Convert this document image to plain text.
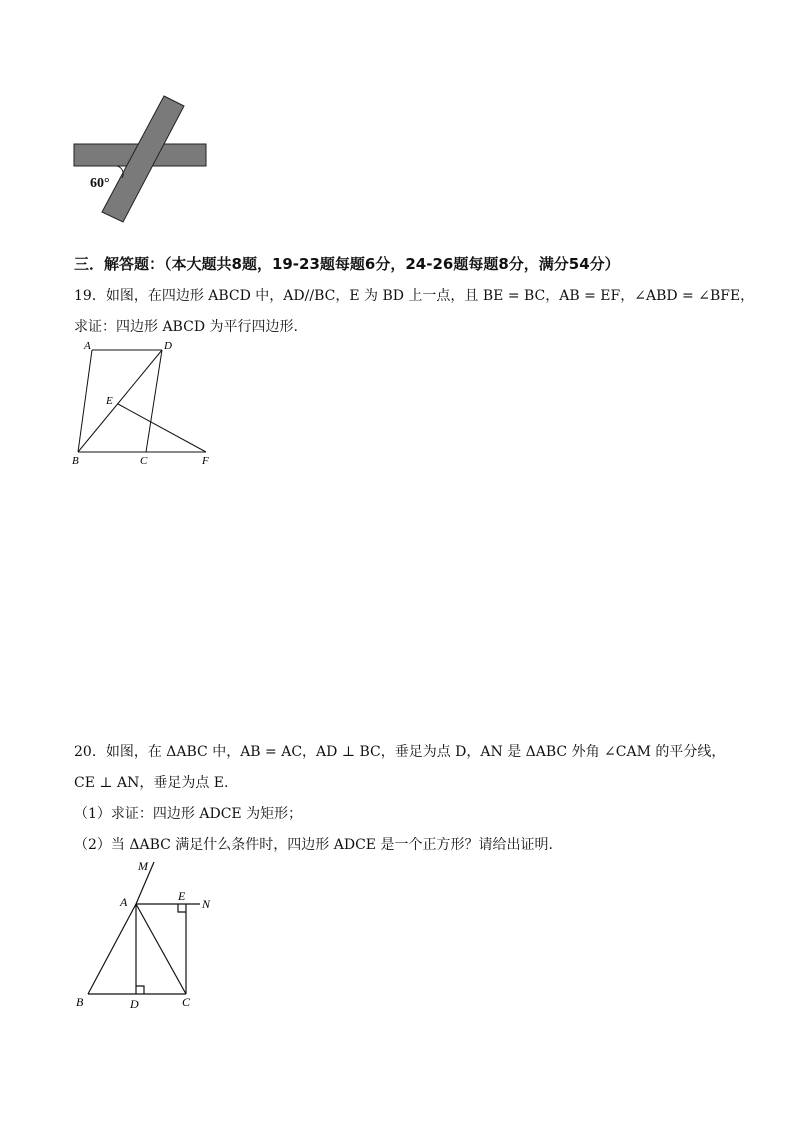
60°
三．解答题：（本大题共8题，19-23题每题6分，24-26题每题8分，满分54分）
19．如图，在四边形 ABCD 中，AD//BC，E 为 BD 上一点，且 BE = BC，AB = EF，∠ABD = ∠BFE，
求证：四边形 ABCD 为平行四边形.
A	D
E
B	C	F
20．如图，在 ΔABC 中，AB = AC，AD ⊥ BC，垂足为点 D，AN 是 ΔABC 外角 ∠CAM 的平分线，
CE ⊥ AN，垂足为点 E.
（1）求证：四边形 ADCE 为矩形；
（2）当 ΔABC 满足什么条件时，四边形 ADCE 是一个正方形？请给出证明.
M
A	E
N
B	D	C
